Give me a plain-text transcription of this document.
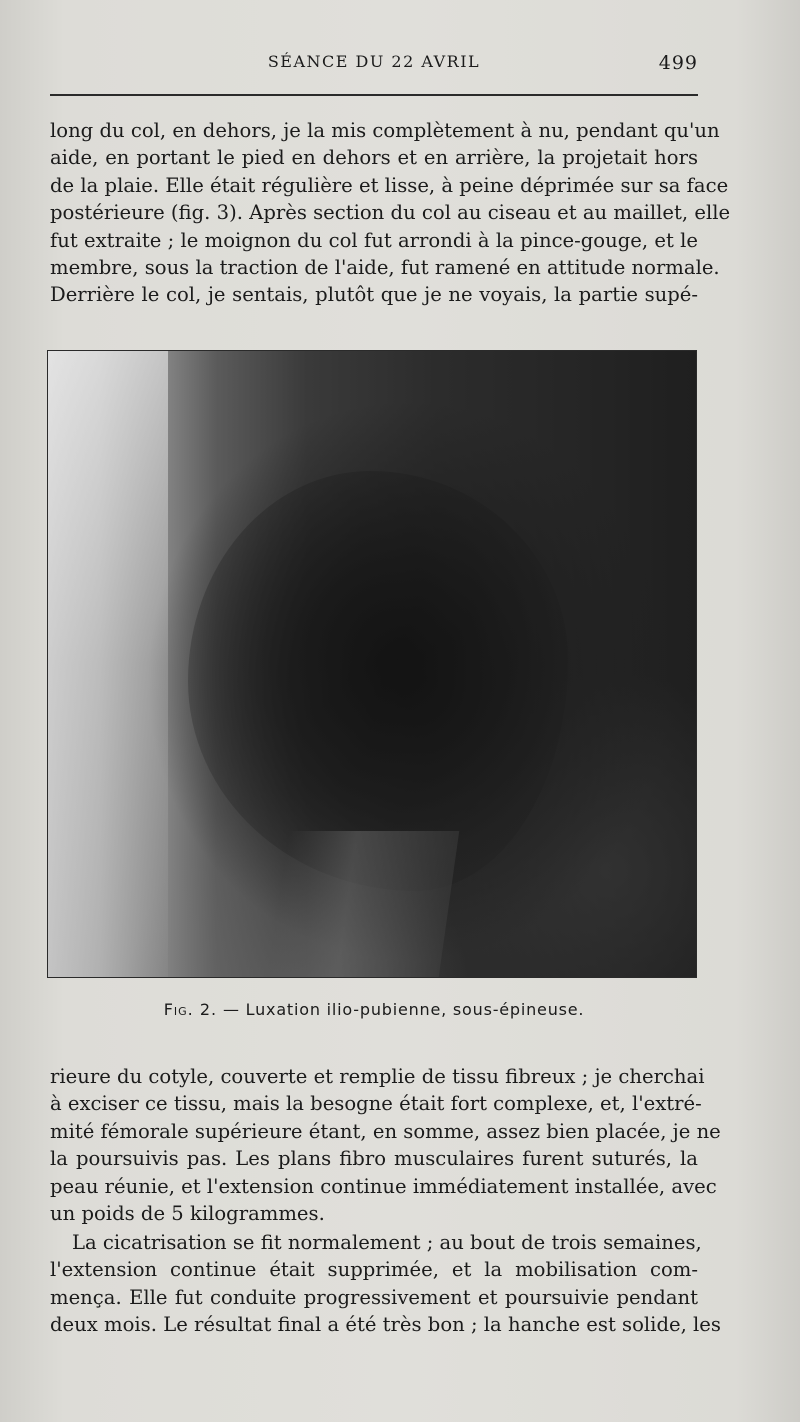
SÉANCE DU 22 AVRIL	499
long du col, en dehors, je la mis complètement à nu, pendant qu'un
aide, en portant le pied en dehors et en arrière, la projetait hors
de la plaie. Elle était régulière et lisse, à peine déprimée sur sa face
postérieure (fig. 3). Après section du col au ciseau et au maillet, elle
fut extraite ; le moignon du col fut arrondi à la pince-gouge, et le
membre, sous la traction de l'aide, fut ramené en attitude normale.
Derrière le col, je sentais, plutôt que je ne voyais, la partie supé-
Fig. 2. — Luxation ilio-pubienne, sous-épineuse.
rieure du cotyle, couverte et remplie de tissu fibreux ; je cherchai
à exciser ce tissu, mais la besogne était fort complexe, et, l'extré-
mité fémorale supérieure étant, en somme, assez bien placée, je ne
la poursuivis pas. Les plans fibro musculaires furent suturés, la
peau réunie, et l'extension continue immédiatement installée, avec
un poids de 5 kilogrammes.
La cicatrisation se fit normalement ; au bout de trois semaines,
l'extension continue était supprimée, et la mobilisation com-
mença. Elle fut conduite progressivement et poursuivie pendant
deux mois. Le résultat final a été très bon ; la hanche est solide, les
